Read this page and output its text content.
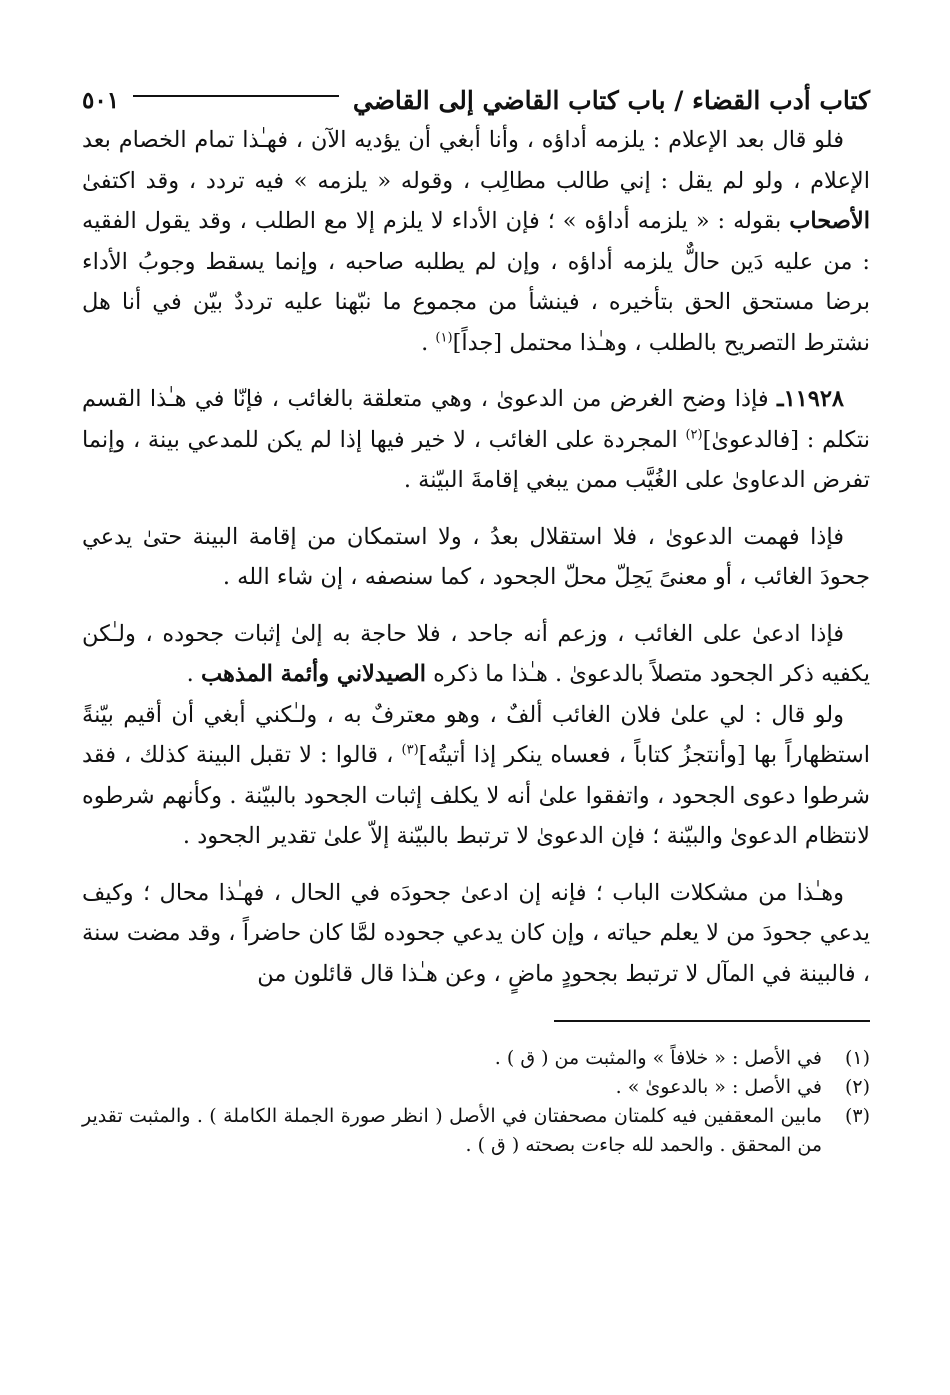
كتاب أدب القضاء / باب كتاب القاضي إلى القاضي
٥٠١

فلو قال بعد الإعلام : يلزمه أداؤه ، وأنا أبغي أن يؤديه الآن ، فهـٰذا تمام الخصام بعد الإعلام ، ولو لم يقل : إني طالب مطالِب ، وقوله « يلزمه » فيه تردد ، وقد اكتفىٰ الأصحاب بقوله : « يلزمه أداؤه » ؛ فإن الأداء لا يلزم إلا مع الطلب ، وقد يقول الفقيه : من عليه دَين حالٌّ يلزمه أداؤه ، وإن لم يطلبه صاحبه ، وإنما يسقط وجوبُ الأداء برضا مستحق الحق بتأخيره ، فينشأ من مجموع ما نبّهنا عليه ترددٌ بيّن في أنا هل نشترط التصريح بالطلب ، وهـٰذا محتمل [جداً]$^{(١)}$ .

١١٩٢٨ـ فإذا وضح الغرض من الدعوىٰ ، وهي متعلقة بالغائب ، فإنّا في هـٰذا القسم نتكلم : [فالدعوىٰ]$^{(٢)}$ المجردة على الغائب ، لا خير فيها إذا لم يكن للمدعي بينة ، وإنما تفرض الدعاوىٰ على الغُيَّب ممن يبغي إقامةَ البيّنة .

فإذا فهمت الدعوىٰ ، فلا استقلال بعدُ ، ولا استمكان من إقامة البينة حتىٰ يدعي جحودَ الغائب ، أو معنىً يَحِلّ محلّ الجحود ، كما سنصفه ، إن شاء الله .

فإذا ادعىٰ على الغائب ، وزعم أنه جاحد ، فلا حاجة به إلىٰ إثبات جحوده ، ولـٰكن يكفيه ذكر الجحود متصلاً بالدعوىٰ . هـٰذا ما ذكره الصيدلاني وأئمة المذهب .

ولو قال : لي علىٰ فلان الغائب ألفٌ ، وهو معترفٌ به ، ولـٰكني أبغي أن أقيم بيّنةً استظهاراً بها [وأنتجزُ كتاباً ، فعساه ينكر إذا أتيتُه]$^{(٣)}$ ، قالوا : لا تقبل البينة كذلك ، فقد شرطوا دعوى الجحود ، واتفقوا علىٰ أنه لا يكلف إثبات الجحود بالبيّنة . وكأنهم شرطوه لانتظام الدعوىٰ والبيّنة ؛ فإن الدعوىٰ لا ترتبط بالبيّنة إلاّ علىٰ تقدير الجحود .

وهـٰذا من مشكلات الباب ؛ فإنه إن ادعىٰ جحودَه في الحال ، فهـٰذا محال ؛ وكيف يدعي جحودَ من لا يعلم حياته ، وإن كان يدعي جحوده لمَّا كان حاضراً ، وقد مضت سنة ، فالبينة في المآل لا ترتبط بجحودٍ ماضٍ ، وعن هـٰذا قال قائلون من

(١)
في الأصل : « خلافاً » والمثبت من ( ق ) .
(٢)
في الأصل : « بالدعوىٰ » .
(٣)
مابين المعقفين فيه كلمتان مصحفتان في الأصل ( انظر صورة الجملة الكاملة ) . والمثبت تقدير من المحقق . والحمد لله جاءت بصحته ( ق ) .
